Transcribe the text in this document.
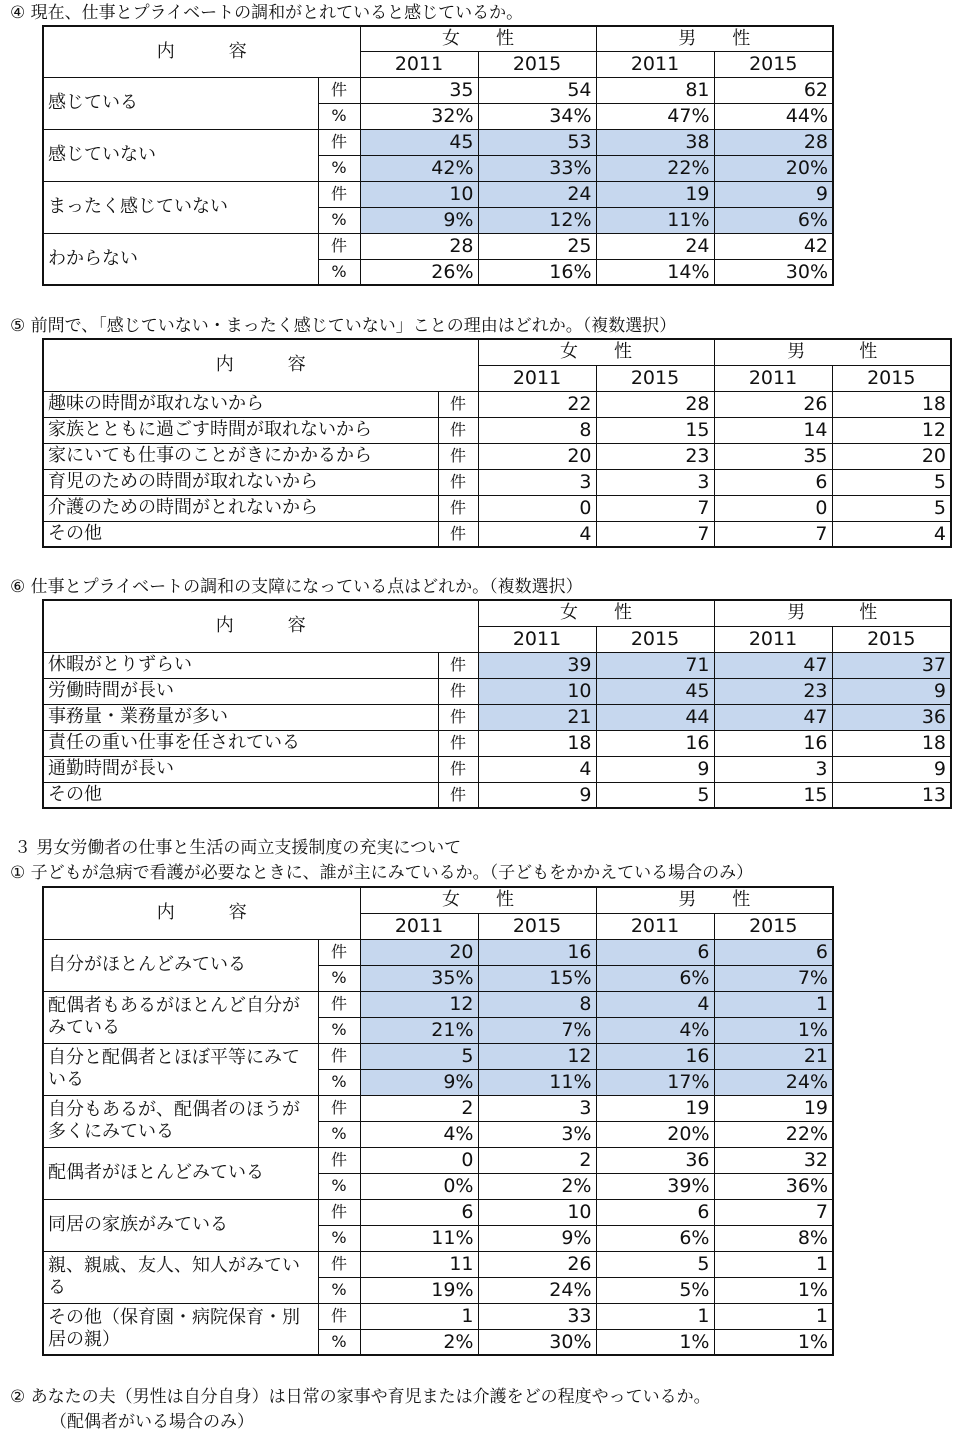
④ 現在、仕事とプライベートの調和がとれていると感じているか。
内　　　容		女　　性		男　　性	
		2011	2015	2011	2015
感じている	件	35	54	81	62
	%	32%	34%	47%	44%
感じていない	件	45	53	38	28
	%	42%	33%	22%	20%
まったく感じていない	件	10	24	19	9
	%	9%	12%	11%	6%
わからない	件	28	25	24	42
	%	26%	16%	14%	30%
⑤ 前問で、「感じていない・まったく感じていない」ことの理由はどれか。（複数選択）
内　　　容		女　　性		男　　　性	
		2011	2015	2011	2015
趣味の時間が取れないから	件	22	28	26	18
家族とともに過ごす時間が取れないから	件	8	15	14	12
家にいても仕事のことがきにかかるから	件	20	23	35	20
育児のための時間が取れないから	件	3	3	6	5
介護のための時間がとれないから	件	0	7	0	5
その他	件	4	7	7	4
⑥ 仕事とプライベートの調和の支障になっている点はどれか。（複数選択）
内　　　容		女　　性		男　　　性	
		2011	2015	2011	2015
休暇がとりずらい	件	39	71	47	37
労働時間が長い	件	10	45	23	9
事務量・業務量が多い	件	21	44	47	36
責任の重い仕事を任されている	件	18	16	16	18
通勤時間が長い	件	4	9	3	9
その他	件	9	5	15	13
３ 男女労働者の仕事と生活の両立支援制度の充実について
① 子どもが急病で看護が必要なときに、誰が主にみているか。（子どもをかかえている場合のみ）
内　　　容		女　　性		男　　性	
		2011	2015	2011	2015
自分がほとんどみている	件	20	16	6	6
	%	35%	15%	6%	7%
配偶者もあるがほとんど自分がみている	件	12	8	4	1
	%	21%	7%	4%	1%
自分と配偶者とほぼ平等にみている	件	5	12	16	21
	%	9%	11%	17%	24%
自分もあるが、配偶者のほうが多くにみている	件	2	3	19	19
	%	4%	3%	20%	22%
配偶者がほとんどみている	件	0	2	36	32
	%	0%	2%	39%	36%
同居の家族がみている	件	6	10	6	7
	%	11%	9%	6%	8%
親、親戚、友人、知人がみている	件	11	26	5	1
	%	19%	24%	5%	1%
その他（保育園・病院保育・別居の親）	件	1	33	1	1
	%	2%	30%	1%	1%
② あなたの夫（男性は自分自身）は日常の家事や育児または介護をどの程度やっているか。
（配偶者がいる場合のみ）
